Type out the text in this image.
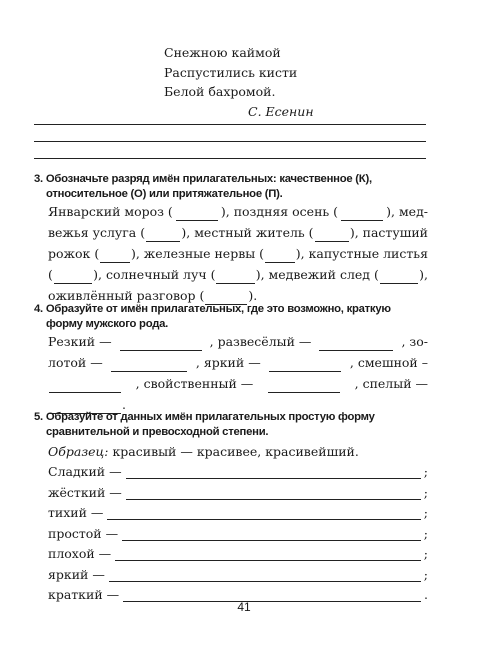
Снежною каймой
Распустились кисти
Белой бахромой.
С. Есенин
3. Обозначьте разряд имён прилагательных: качественное (К), относительное (О) или притяжательное (П).
Январский мороз (	), поздняя осень (	), мед-
вежья услуга (	), местный житель (	), пастуший
рожок (	), железные нервы (	), капустные листья
(	), солнечный луч (	), медвежий след (	),
оживлённый разговор (	).
4. Образуйте от имён прилагательных, где это возможно, краткую форму мужского рода.
Резкий —	, развесёлый —	, зо-
лотой —	, яркий —	, смешной –
, свойственный —	, спелый —
.
5. Образуйте от данных имён прилагательных простую форму сравнительной и превосходной степени.
Образец:
красивый — красивее, красивейший.
Сладкий —	;
жёсткий —	;
тихий —	;
простой —	;
плохой —	;
яркий —	;
краткий —	.
41
